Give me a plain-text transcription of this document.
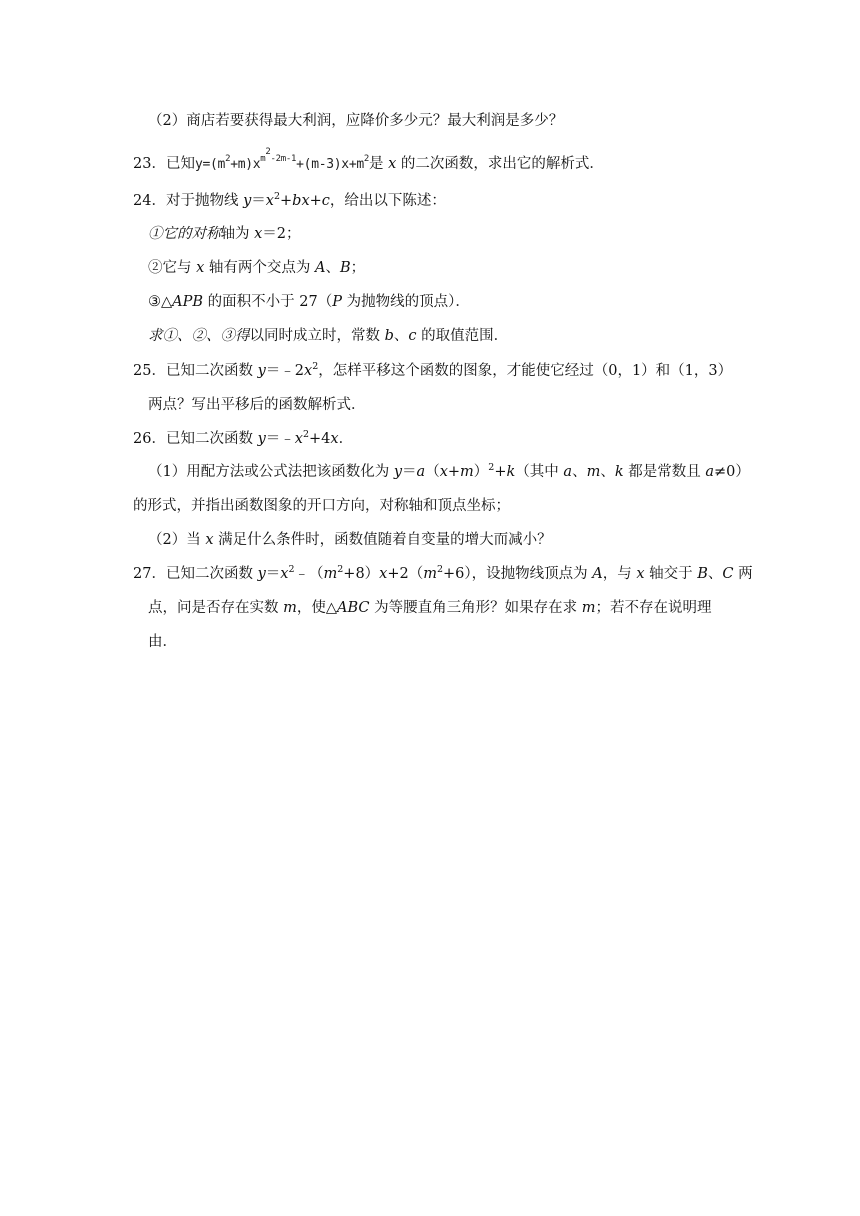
（2）商店若要获得最大利润，应降价多少元？最大利润是多少？
23．已知$y=(m^2+m)x^{m^2-2m-1}+(m-3)x+m^2$是 x 的二次函数，求出它的解析式．
24．对于抛物线 $y=x^2+bx+c$，给出以下陈述：
①它的对称轴为 x＝2；
②它与 x 轴有两个交点为 A、B；
③△APB 的面积不小于 27（P 为抛物线的顶点）．
求①、②、③得以同时成立时，常数 b、c 的取值范围．
25．已知二次函数 $y=﹣2x^2$，怎样平移这个函数的图象，才能使它经过（0，1）和（1，3）
两点？写出平移后的函数解析式．
26．已知二次函数 $y=﹣x^2+4x$．
（1）用配方法或公式法把该函数化为 $y=a(x+m)^2+k$（其中 a、m、k 都是常数且 a≠0）
的形式，并指出函数图象的开口方向，对称轴和顶点坐标；
（2）当 x 满足什么条件时，函数值随着自变量的增大而减小？
27．已知二次函数 $y=x^2﹣(m^2+8)x+2(m^2+6)$，设抛物线顶点为 A，与 x 轴交于 B、C 两
点，问是否存在实数 m，使△ABC 为等腰直角三角形？如果存在求 m；若不存在说明理
由．
